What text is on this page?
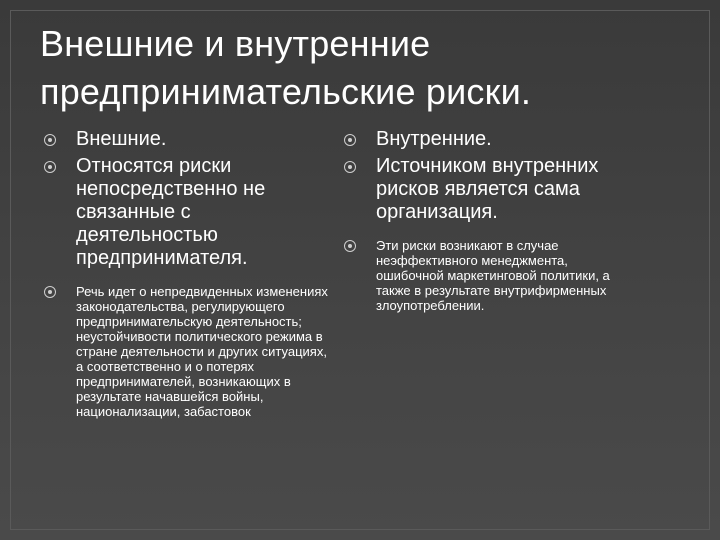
Внешние и внутренние предпринимательские риски.
Внешние.
Относятся риски непосредственно не связанные с деятельностью предпринимателя.
Речь идет о непредвиденных изменениях законодательства, регулирующего предпринимательскую деятельность; неустойчивости политического режима в стране деятельности и других ситуациях, а соответственно и о потерях предпринимателей, возникающих в результате начавшейся войны, национализации, забастовок
Внутренние.
Источником внутренних рисков является сама организация.
Эти риски возникают в случае неэффективного менеджмента, ошибочной маркетинговой политики, а также в результате внутрифирменных злоупотреблении.
